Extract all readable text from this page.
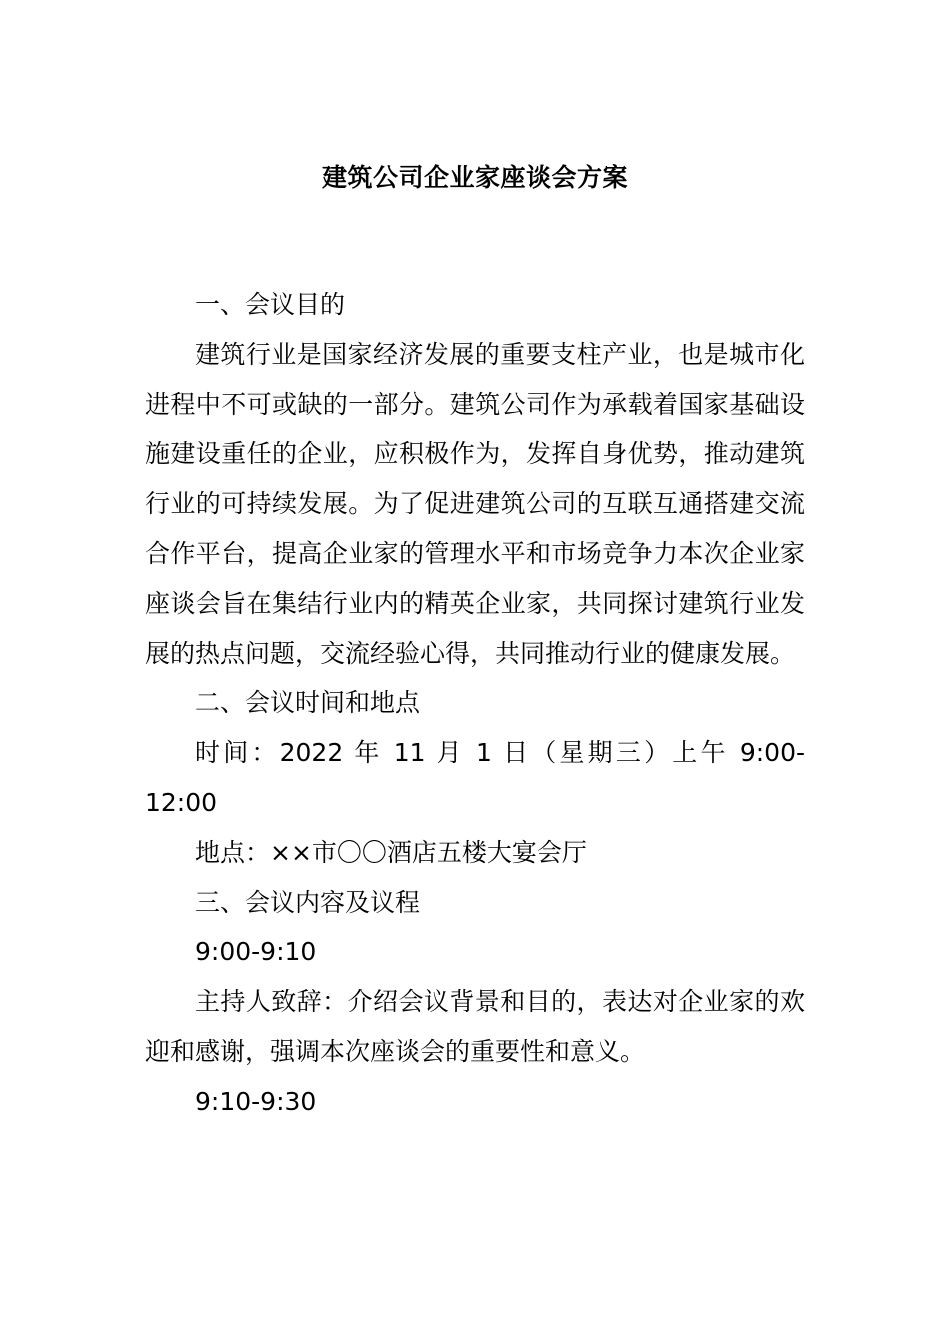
建筑公司企业家座谈会方案

一、会议目的

建筑行业是国家经济发展的重要支柱产业，也是城市化进程中不可或缺的一部分。建筑公司作为承载着国家基础设施建设重任的企业，应积极作为，发挥自身优势，推动建筑行业的可持续发展。为了促进建筑公司的互联互通搭建交流合作平台，提高企业家的管理水平和市场竞争力本次企业家座谈会旨在集结行业内的精英企业家，共同探讨建筑行业发展的热点问题，交流经验心得，共同推动行业的健康发展。

二、会议时间和地点

时间：2022 年 11 月 1 日（星期三）上午 9:00-12:00

地点：××市〇〇酒店五楼大宴会厅

三、会议内容及议程

9:00-9:10

主持人致辞：介绍会议背景和目的，表达对企业家的欢迎和感谢，强调本次座谈会的重要性和意义。

9:10-9:30
